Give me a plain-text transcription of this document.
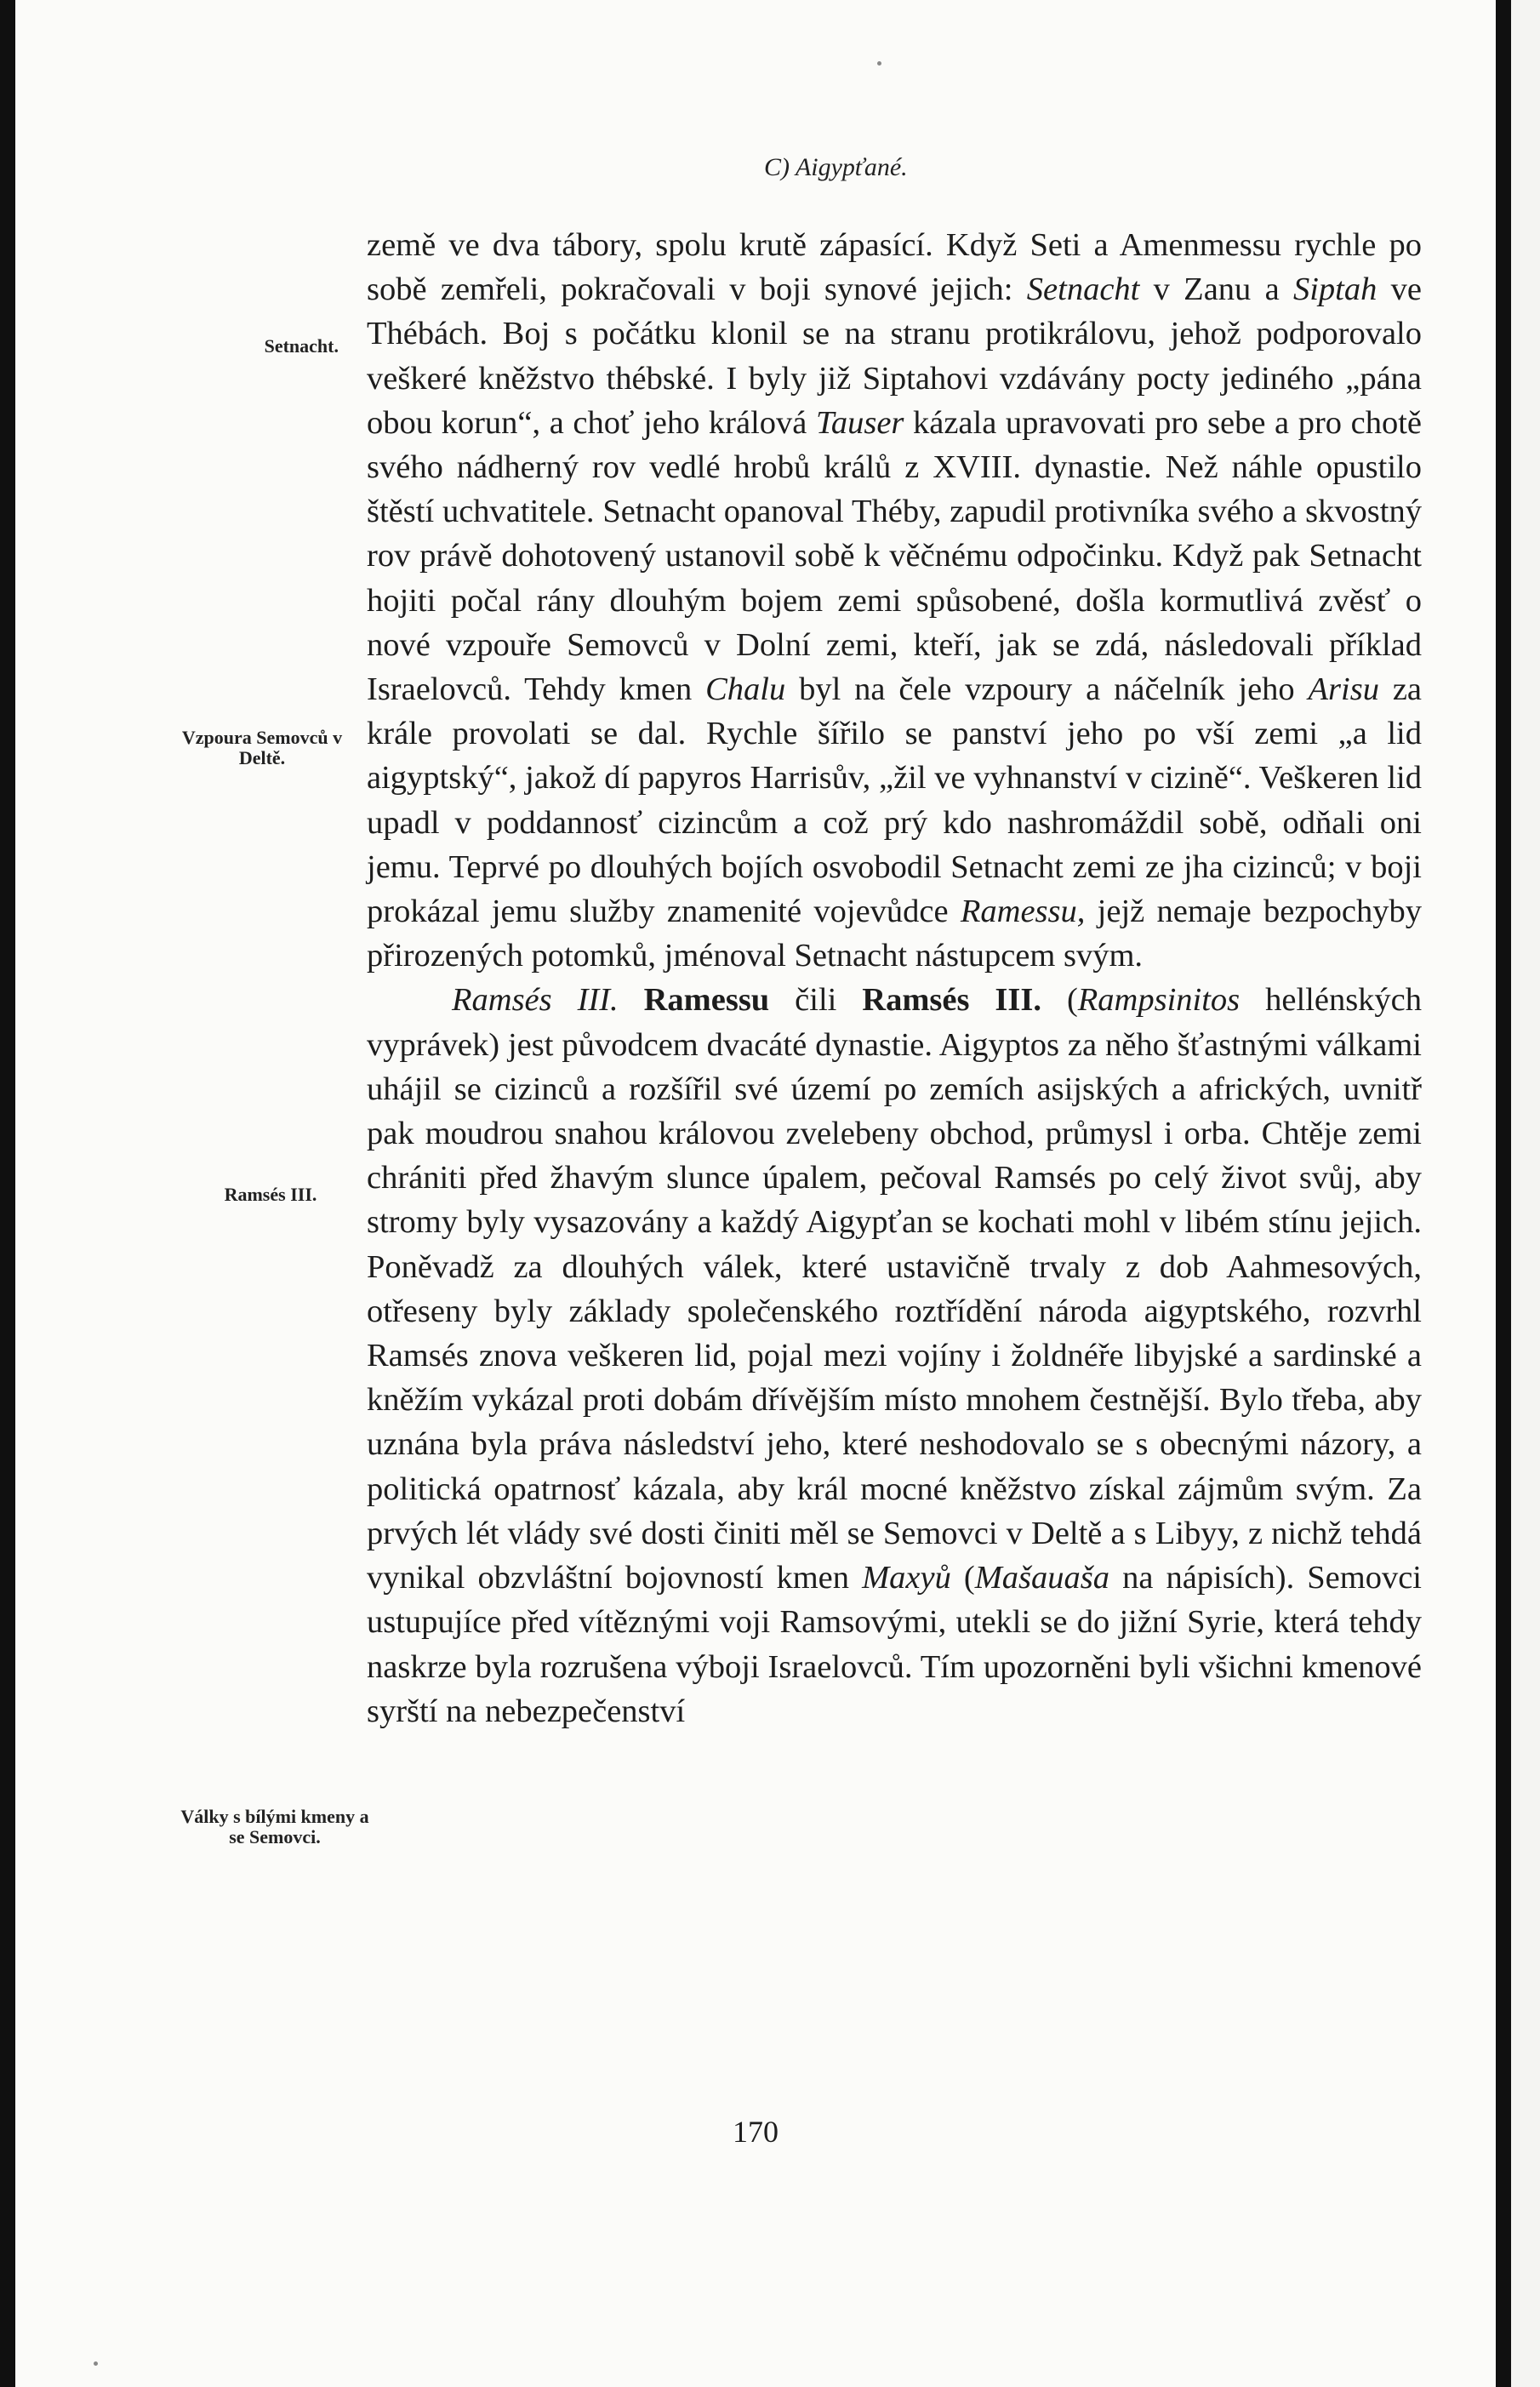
C) Aigypťané.
Setnacht.
Vzpoura Semovců v Deltě.
Ramsés III.
Války s bílými kmeny a se Semovci.

země ve dva tábory, spolu krutě zápasící. Když Seti a Amenmessu rychle po sobě zemřeli, pokračovali v boji synové jejich: Setnacht v Zanu a Siptah ve Thébách. Boj s počátku klonil se na stranu protikrálovu, jehož podporovalo veškeré kněžstvo thébské. I byly již Siptahovi vzdávány pocty jediného „pána obou korun“, a choť jeho králová Tauser kázala upravovati pro sebe a pro chotě svého nádherný rov vedlé hrobů králů z XVIII. dynastie. Než náhle opustilo štěstí uchvatitele. Setnacht opanoval Théby, zapudil protivníka svého a skvostný rov právě dohotovený ustanovil sobě k věčnému odpočinku. Když pak Setnacht hojiti počal rány dlouhým bojem zemi spůsobené, došla kormutlivá zvěsť o nové vzpouře Semovců v Dolní zemi, kteří, jak se zdá, následovali příklad Israelovců. Tehdy kmen Chalu byl na čele vzpoury a náčelník jeho Arisu za krále provolati se dal. Rychle šířilo se panství jeho po vší zemi „a lid aigyptský“, jakož dí papyros Harrisův, „žil ve vyhnanství v cizině“. Veškeren lid upadl v poddannosť cizincům a což prý kdo nashromáždil sobě, odňali oni jemu. Teprvé po dlouhých bojích osvobodil Setnacht zemi ze jha cizinců; v boji prokázal jemu služby znamenité vojevůdce Ramessu, jejž nemaje bezpochyby přirozených potomků, jménoval Setnacht nástupcem svým.

Ramsés III. Ramessu čili Ramsés III. (Rampsinitos hellénských vyprávek) jest původcem dvacáté dynastie. Aigyptos za něho šťastnými válkami uhájil se cizinců a rozšířil své území po zemích asijských a afrických, uvnitř pak moudrou snahou královou zvelebeny obchod, průmysl i orba. Chtěje zemi chrániti před žhavým slunce úpalem, pečoval Ramsés po celý život svůj, aby stromy byly vysazovány a každý Aigypťan se kochati mohl v libém stínu jejich. Poněvadž za dlouhých válek, které ustavičně trvaly z dob Aahmesových, otřeseny byly základy společenského roztřídění národa aigyptského, rozvrhl Ramsés znova veškeren lid, pojal mezi vojíny i žoldnéře libyjské a sardinské a kněžím vykázal proti dobám dřívějším místo mnohem čestnější. Bylo třeba, aby uznána byla práva následství jeho, které neshodovalo se s obecnými názory, a politická opatrnosť kázala, aby král mocné kněžstvo získal zájmům svým. Za prvých lét vlády své dosti činiti měl se Semovci v Deltě a s Libyy, z nichž tehdá vynikal obzvláštní bojovností kmen Maxyů (Mašauaša na nápisích). Semovci ustupujíce před vítěznými voji Ramsovými, utekli se do jižní Syrie, která tehdy naskrze byla rozrušena výboji Israelovců. Tím upozorněni byli všichni kmenové syrští na nebezpečenství

170
